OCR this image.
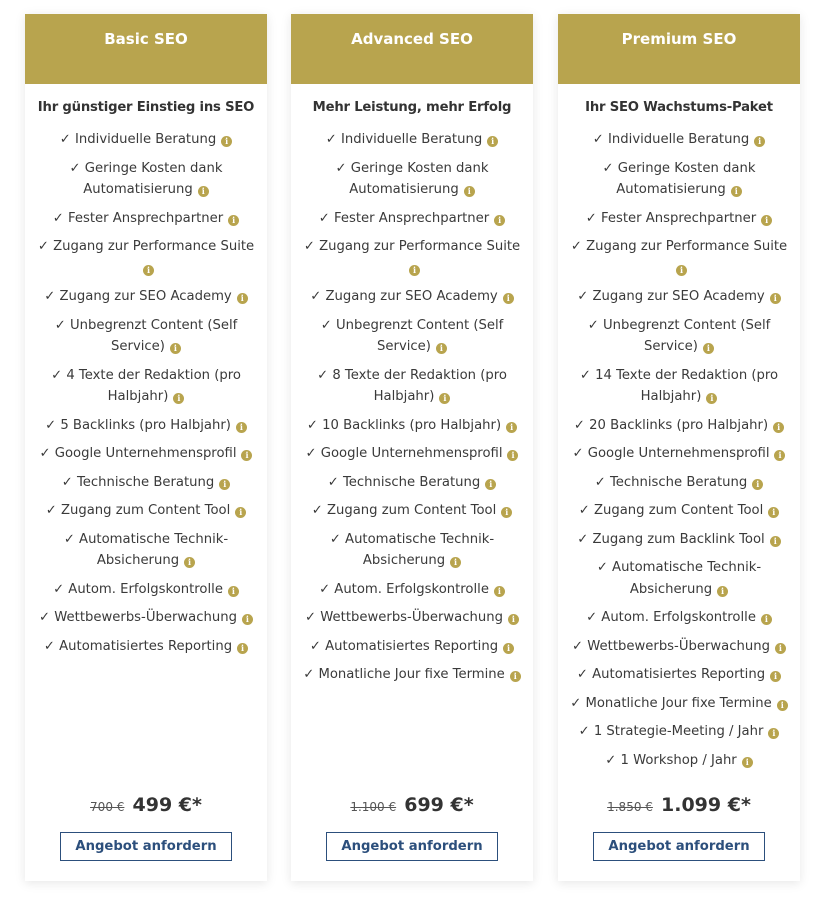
Basic SEO
Ihr günstiger Einstieg ins SEO
✓ Individuelle Beratung i
✓ Geringe Kosten dank Automatisierung i
✓ Fester Ansprechpartner i
✓ Zugang zur Performance Suitei
✓ Zugang zur SEO Academy i
✓ Unbegrenzt Content (Self Service) i
✓ 4 Texte der Redaktion (pro Halbjahr) i
✓ 5 Backlinks (pro Halbjahr) i
✓ Google Unternehmensprofil i
✓ Technische Beratung i
✓ Zugang zum Content Tool i
✓ Automatische Technik-Absicherung i
✓ Autom. Erfolgskontrolle i
✓ Wettbewerbs-Überwachung i
✓ Automatisiertes Reporting i
700 € 499 €*
Angebot anfordern
Advanced SEO
Mehr Leistung, mehr Erfolg
✓ Individuelle Beratung i
✓ Geringe Kosten dank Automatisierung i
✓ Fester Ansprechpartner i
✓ Zugang zur Performance Suitei
✓ Zugang zur SEO Academy i
✓ Unbegrenzt Content (Self Service) i
✓ 8 Texte der Redaktion (pro Halbjahr) i
✓ 10 Backlinks (pro Halbjahr) i
✓ Google Unternehmensprofil i
✓ Technische Beratung i
✓ Zugang zum Content Tool i
✓ Automatische Technik-Absicherung i
✓ Autom. Erfolgskontrolle i
✓ Wettbewerbs-Überwachung i
✓ Automatisiertes Reporting i
✓ Monatliche Jour fixe Termine i
1.100 € 699 €*
Angebot anfordern
Premium SEO
Ihr SEO Wachstums-Paket
✓ Individuelle Beratung i
✓ Geringe Kosten dank Automatisierung i
✓ Fester Ansprechpartner i
✓ Zugang zur Performance Suitei
✓ Zugang zur SEO Academy i
✓ Unbegrenzt Content (Self Service) i
✓ 14 Texte der Redaktion (pro Halbjahr) i
✓ 20 Backlinks (pro Halbjahr) i
✓ Google Unternehmensprofil i
✓ Technische Beratung i
✓ Zugang zum Content Tool i
✓ Zugang zum Backlink Tool i
✓ Automatische Technik-Absicherung i
✓ Autom. Erfolgskontrolle i
✓ Wettbewerbs-Überwachung i
✓ Automatisiertes Reporting i
✓ Monatliche Jour fixe Termine i
✓ 1 Strategie-Meeting / Jahr i
✓ 1 Workshop / Jahr i
1.850 € 1.099 €*
Angebot anfordern
